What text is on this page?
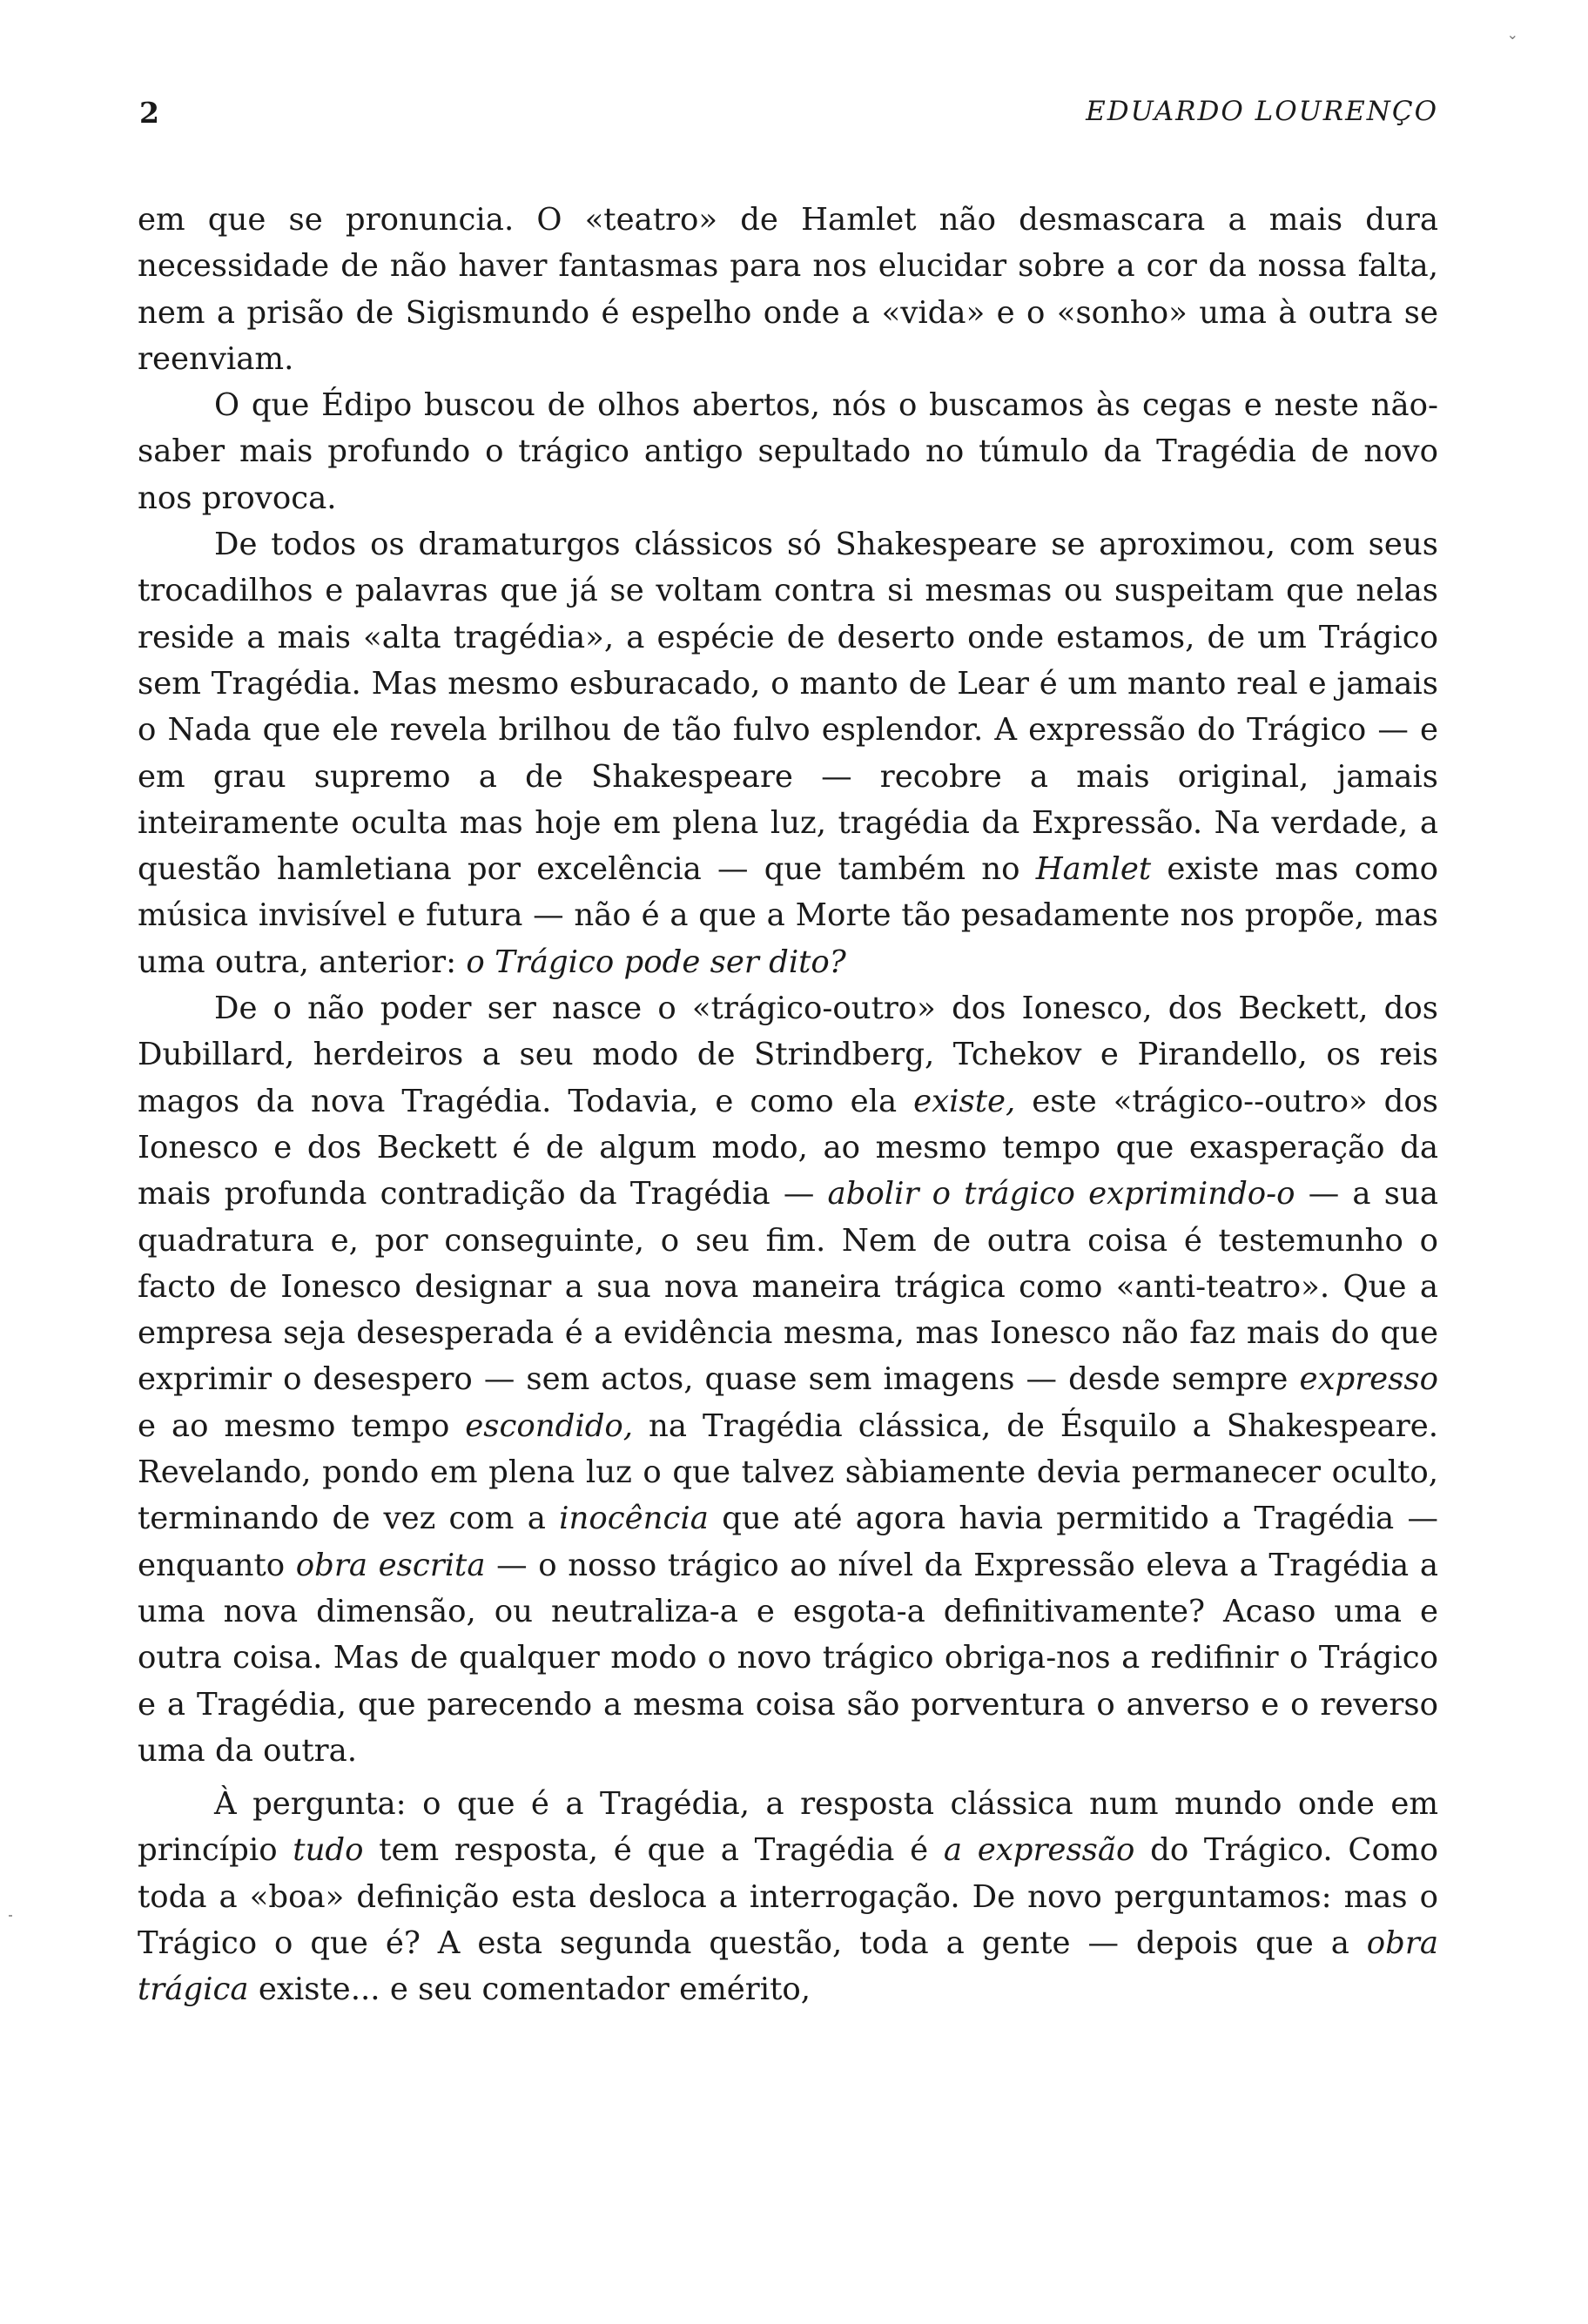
⌄
2	EDUARDO LOURENÇO

em que se pronuncia. O «teatro» de Hamlet não desmascara a mais dura necessidade de não haver fantasmas para nos elucidar sobre a cor da nossa falta, nem a prisão de Sigismundo é espelho onde a «vida» e o «sonho» uma à outra se reenviam.

O que Édipo buscou de olhos abertos, nós o buscamos às cegas e neste não-saber mais profundo o trágico antigo sepultado no túmulo da Tragédia de novo nos provoca.

De todos os dramaturgos clássicos só Shakespeare se aproximou, com seus trocadilhos e palavras que já se voltam contra si mesmas ou suspeitam que nelas reside a mais «alta tragédia», a espécie de deserto onde estamos, de um Trágico sem Tragédia. Mas mesmo esburacado, o manto de Lear é um manto real e jamais o Nada que ele revela brilhou de tão fulvo esplendor. A expressão do Trágico — e em grau supremo a de Shakespeare — recobre a mais original, jamais inteiramente oculta mas hoje em plena luz, tragédia da Expressão. Na verdade, a questão hamletiana por excelência — que também no Hamlet existe mas como música invisível e futura — não é a que a Morte tão pesadamente nos propõe, mas uma outra, anterior: o Trágico pode ser dito?

De o não poder ser nasce o «trágico-outro» dos Ionesco, dos Beckett, dos Dubillard, herdeiros a seu modo de Strindberg, Tchekov e Pirandello, os reis magos da nova Tragédia. Todavia, e como ela existe, este «trágico--outro» dos Ionesco e dos Beckett é de algum modo, ao mesmo tempo que exasperação da mais profunda contradição da Tragédia — abolir o trágico exprimindo-o — a sua quadratura e, por conseguinte, o seu fim. Nem de outra coisa é testemunho o facto de Ionesco designar a sua nova maneira trágica como «anti-teatro». Que a empresa seja desesperada é a evidência mesma, mas Ionesco não faz mais do que exprimir o desespero — sem actos, quase sem imagens — desde sempre expresso e ao mesmo tempo escondido, na Tragédia clássica, de Ésquilo a Shakespeare. Revelando, pondo em plena luz o que talvez sàbiamente devia permanecer oculto, terminando de vez com a inocência que até agora havia permitido a Tragédia — enquanto obra escrita — o nosso trágico ao nível da Expressão eleva a Tragédia a uma nova dimensão, ou neutraliza-a e esgota-a definitivamente? Acaso uma e outra coisa. Mas de qualquer modo o novo trágico obriga-nos a redifinir o Trágico e a Tragédia, que parecendo a mesma coisa são porventura o anverso e o reverso uma da outra.

À pergunta: o que é a Tragédia, a resposta clássica num mundo onde em princípio tudo tem resposta, é que a Tragédia é a expressão do Trágico. Como toda a «boa» definição esta desloca a interrogação. De novo perguntamos: mas o Trágico o que é? A esta segunda questão, toda a gente — depois que a obra trágica existe... e seu comentador emérito,
